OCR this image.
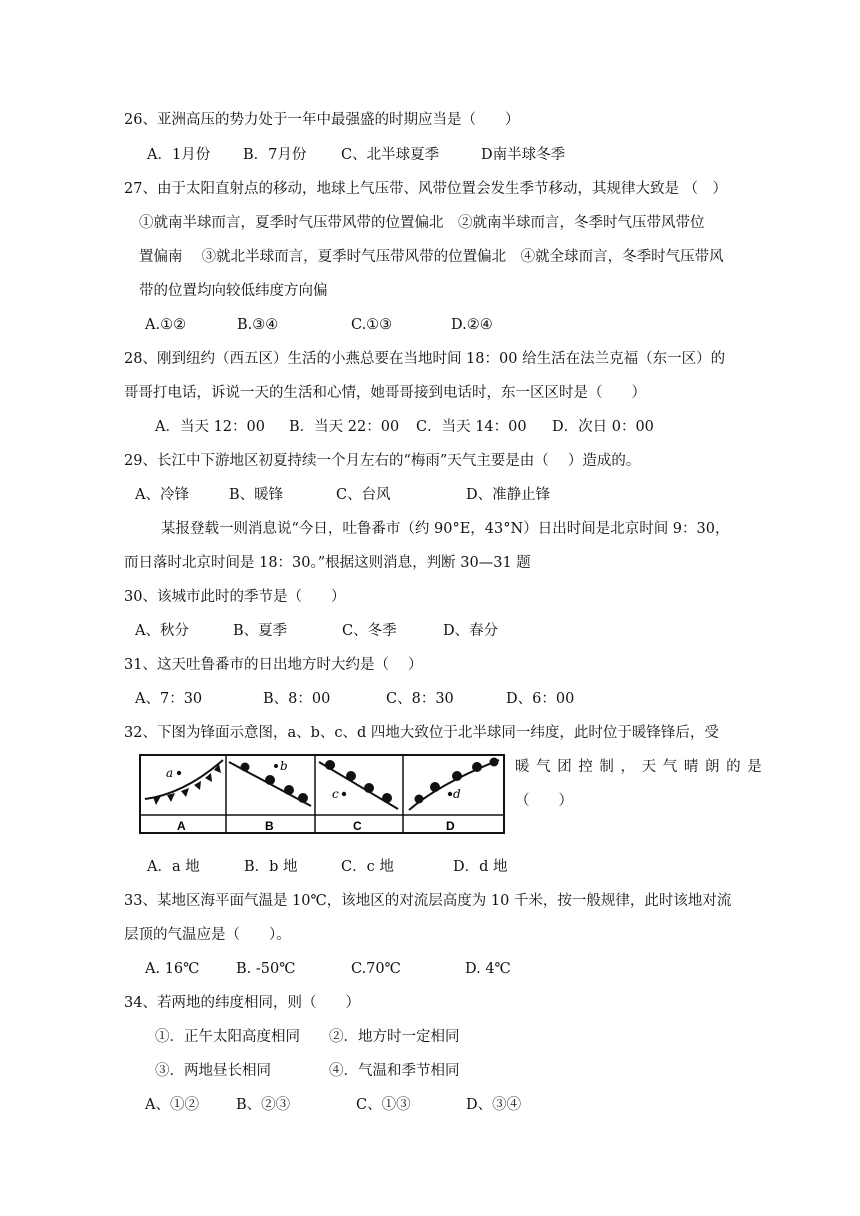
26、亚洲高压的势力处于一年中最强盛的时期应当是（　　）
A．1月份 B．7月份 C、北半球夏季	D南半球冬季
27、由于太阳直射点的移动，地球上气压带、风带位置会发生季节移动，其规律大致是 （　）
①就南半球而言，夏季时气压带风带的位置偏北　②就南半球而言，冬季时气压带风带位
置偏南　 ③就北半球而言，夏季时气压带风带的位置偏北　④就全球而言，冬季时气压带风
带的位置均向较低纬度方向偏
A.①②	B.③④	C.①③	D.②④
28、刚到纽约（西五区）生活的小燕总要在当地时间 18：00 给生活在法兰克福（东一区）的
哥哥打电话，诉说一天的生活和心情，她哥哥接到电话时，东一区区时是（　　）
A．当天 12：00 B．当天 22：00 C．当天 14：00 D．次日 0：00
29、长江中下游地区初夏持续一个月左右的“梅雨”天气主要是由（　 ）造成的。
A、冷锋	B、暖锋	C、台风	D、准静止锋
某报登载一则消息说“今日，吐鲁番市（约 90°E，43°N）日出时间是北京时间 9：30，
而日落时北京时间是 18：30。”根据这则消息，判断 30—31 题
30、该城市此时的季节是（　　）
A、秋分	B、夏季	C、冬季	D、春分
31、这天吐鲁番市的日出地方时大约是（　 ）
A、7：30	B、8：00	C、8：30	D、6：00
32、下图为锋面示意图，a、b、c、d 四地大致位于北半球同一纬度，此时位于暖锋锋后，受
暖 气 团 控 制 ， 天 气 晴 朗 的 是
（　　）
a	b
c	d
A	B	C	D
A．a 地	B．b 地	C．c 地	D．d 地
33、某地区海平面气温是 10℃，该地区的对流层高度为 10 千米，按一般规律，此时该地对流
层顶的气温应是（　　）。
A. 16℃	B. -50℃	C.70℃	D. 4℃
34、若两地的纬度相同，则（　　）
①．正午太阳高度相同 ②．地方时一定相同
③．两地昼长相同	④．气温和季节相同
A、①②	B、②③	C、①③	D、③④
